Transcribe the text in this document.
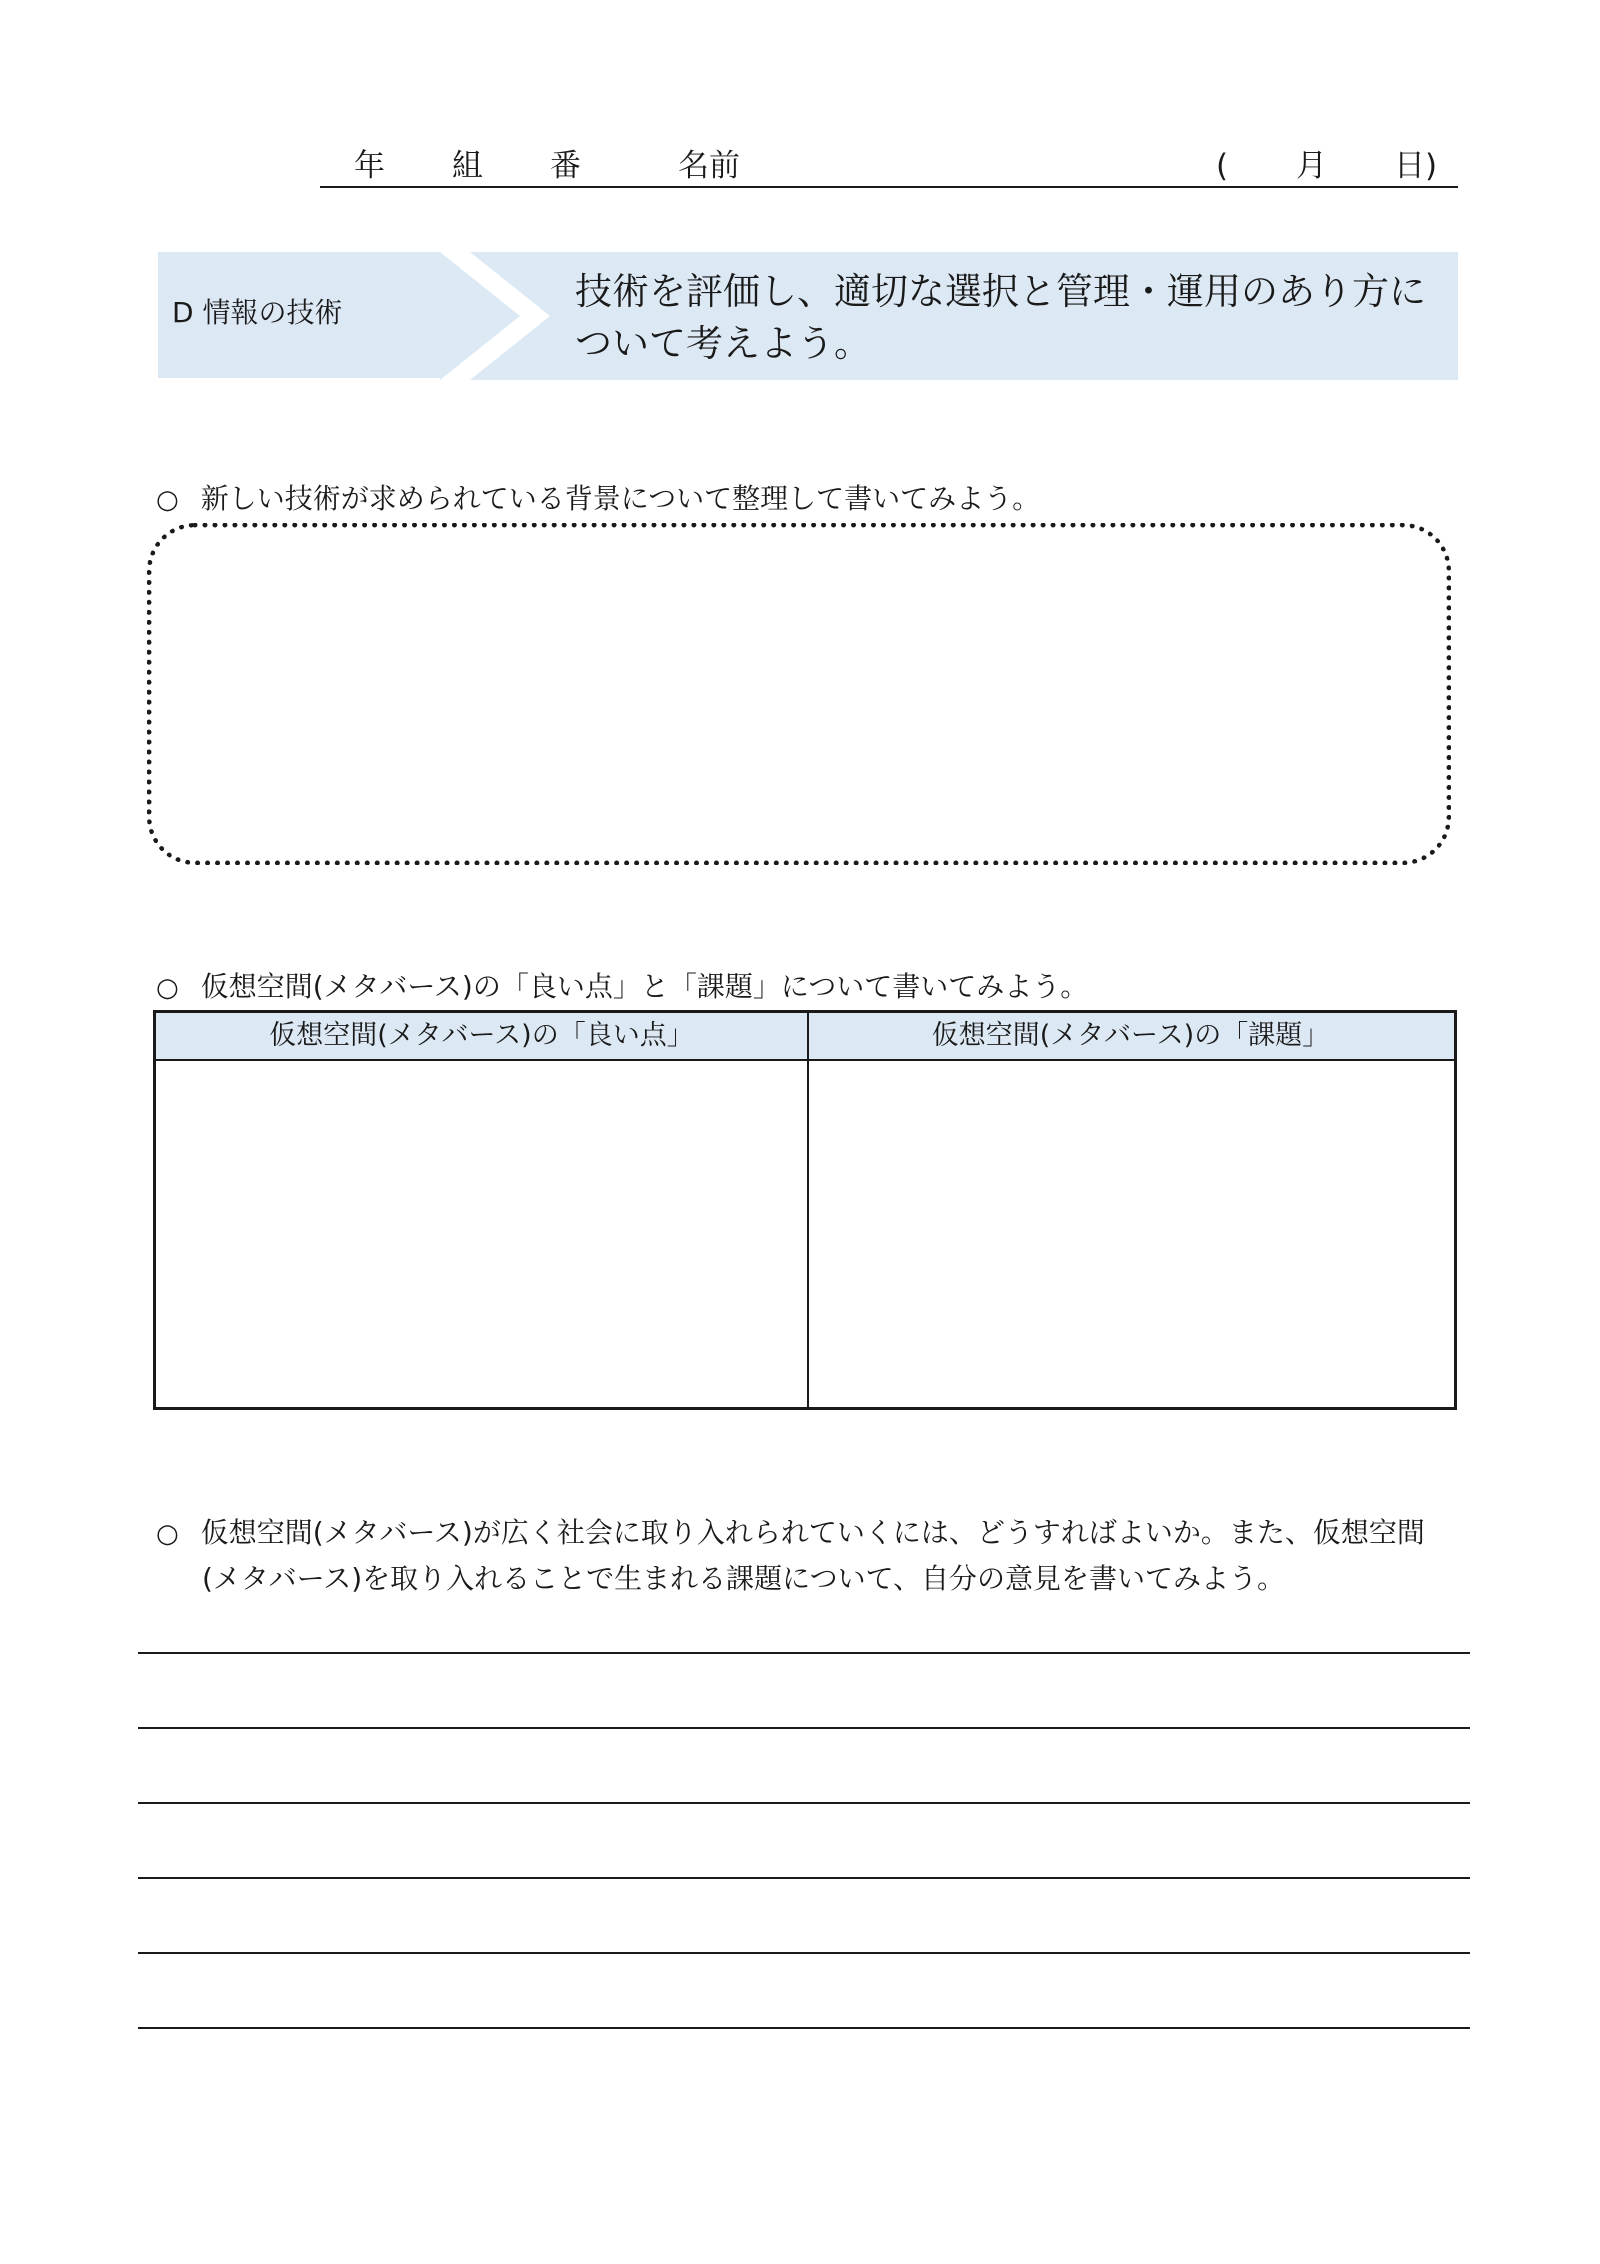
年 組 番	名前	( 月 日)
D 情報の技術	技術を評価し、適切な選択と管理・運用のあり方について考えよう。
○ 新しい技術が求められている背景について整理して書いてみよう。
○ 仮想空間(メタバース)の「良い点」と「課題」について書いてみよう。
仮想空間(メタバース)の「良い点」	仮想空間(メタバース)の「課題」
○ 仮想空間(メタバース)が広く社会に取り入れられていくには、どうすればよいか。また、仮想空間
(メタバース)を取り入れることで生まれる課題について、自分の意見を書いてみよう。
